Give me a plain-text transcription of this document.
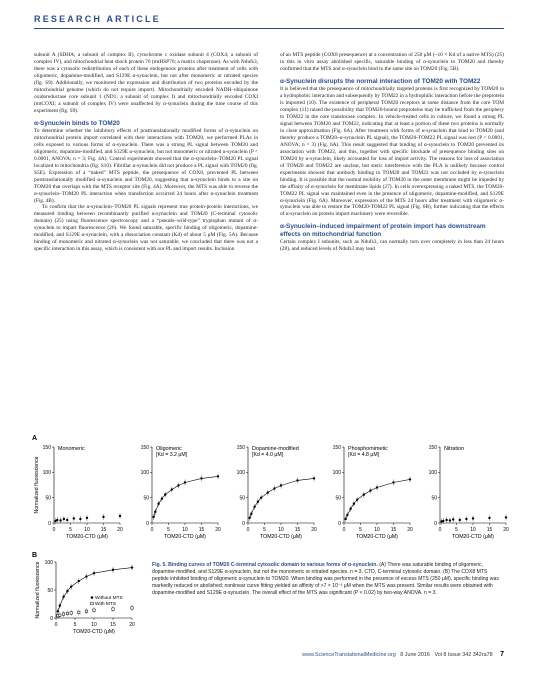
RESEARCH ARTICLE

subunit A (SDHA; a subunit of complex II), cytochrome c oxidase subunit 4 (COX4; a subunit of complex IV), and mitochondrial heat shock protein 70 (mtHSP70; a matrix chaperone). As with Ndufs3, there was a cytosolic redistribution of each of these endogenous proteins after treatment of cells with oligomeric, dopamine-modified, and S129E α-synuclein, but not after monomeric or nitrated species (fig. S9). Additionally, we monitored the expression and distribution of two proteins encoded by the mitochondrial genome (which do not require import). Mitochondrially encoded NADH–ubiquinone oxidoreductase core subunit 1 (ND1; a subunit of complex I) and mitochondrially encoded COXI (mtCOXI; a subunit of complex IV) were unaffected by α-synuclein during the time course of this experiment (fig. S9).

α-Synuclein binds to TOM20

To determine whether the inhibitory effects of posttranslationally modified forms of α-synuclein on mitochondrial protein import correlated with their interactions with TOM20, we performed PLAs in cells exposed to various forms of α-synuclein. There was a strong PL signal between TOM20 and oligomeric, dopamine-modified, and S129E α-synuclein, but not monomeric or nitrated α-synuclein (P < 0.0001, ANOVA; n = 3; Fig. 4A). Control experiments showed that the α-synuclein–TOM20 PL signal localized to mitochondria (fig. S10). Fibrillar α-synuclein did not produce a PL signal with TOM20 (fig. S5E). Expression of a “naked” MTS peptide, the presequence of COX8, prevented PL between posttranslationally modified α-synuclein and TOM20, suggesting that α-synuclein binds to a site on TOM20 that overlaps with the MTS receptor site (Fig. 4A). Moreover, the MTS was able to reverse the α-synuclein–TOM20 PL interaction when transfection occurred 24 hours after α-synuclein treatment (Fig. 4B).

To confirm that the α-synuclein–TOM20 PL signals represent true protein-protein interactions, we measured binding between recombinantly purified α-synuclein and TOM20 (C-terminal cytosolic domain) (25) using fluorescence spectroscopy and a “pseudo–wild-type” tryptophan mutant of α-synuclein to impart fluorescence (26). We found saturable, specific binding of oligomeric, dopamine-modified, and S129E α-synuclein, with a dissociation constant (Kd) of about 5 μM (Fig. 5A). Because binding of monomeric and nitrated α-synuclein was not saturable, we concluded that there was not a specific interaction in this assay, which is consistent with our PL and import results. Inclusion

of an MTS peptide (COX8 presequence) at a concentration of 250 μM (~10 × Kd of a native MTS) (25) in this in vitro assay abolished specific, saturable binding of α-synuclein to TOM20 and thereby confirmed that the MTS and α-synuclein bind to the same site on TOM20 (Fig. 5B).

α-Synuclein disrupts the normal interaction of TOM20 with TOM22

It is believed that the presequence of mitochondrially targeted proteins is first recognized by TOM20 in a hydrophobic interaction and subsequently by TOM22 in a hydrophilic interaction before the preprotein is imported (10). The existence of peripheral TOM20 receptors at some distance from the core TOM complex (11) raised the possibility that TOM20-bound preproteins may be trafficked from the periphery to TOM22 in the core translocase complex. In vehicle-treated cells in culture, we found a strong PL signal between TOM20 and TOM22, indicating that at least a portion of these two proteins is normally in close approximation (Fig. 6A). After treatment with forms of α-synuclein that bind to TOM20 (and thereby produce a TOM20–α-synuclein PL signal), the TOM20-TOM22 PL signal was lost (P < 0.0001, ANOVA; n = 3) (Fig. 6A). This result suggested that binding of α-synuclein to TOM20 prevented its association with TOM22, and this, together with specific blockade of presequence binding sites on TOM20 by α-synuclein, likely accounted for loss of import activity. The reasons for loss of association of TOM20 and TOM22 are unclear, but steric interference with the PLA is unlikely because control experiments showed that antibody binding to TOM20 and TOM22 was not occluded by α-synuclein binding. It is possible that the normal mobility of TOM20 in the outer membrane might be impeded by the affinity of α-synuclein for membrane lipids (27). In cells overexpressing a naked MTS, the TOM20-TOM22 PL signal was maintained even in the presence of oligomeric, dopamine-modified, and S129E α-synuclein (Fig. 6A). Moreover, expression of the MTS 24 hours after treatment with oligomeric α-synuclein was able to restore the TOM20-TOM22 PL signal (Fig. 6B), further indicating that the effects of α-synuclein on protein import machinery were reversible.

α-Synuclein–induced impairment of protein import has downstream effects on mitochondrial function

Certain complex I subunits, such as Ndufs3, can normally turn over completely in less than 24 hours (28), and reduced levels of Ndufs3 may lead

A
Normalized fluorescence
0	5 10 15 20
0
50
100
150
TOM20-CTD (μM)
Monomeric
0	5 10 15 20
0
50
100
150
TOM20-CTD (μM)
Oligomeric
[Kd = 3.2 μM]
0	5 10 15 20
0
50
100
150
TOM20-CTD (μM)
Dopamine-modified
[Kd = 4.0 μM]
0	5 10 15 20
0
50
100
150
TOM20-CTD (μM)
Phosphomimetic
[Kd = 4.8 μM]
0	5 10 15 20
0
50
100
150
TOM20-CTD (μM)
Nitration
B
0	5	10	15	20
0
50
100
TOM20-CTD (μM)
Normalized fluorescence	Without MTS
With MTS
Fig. 5. Binding curves of TOM20 C-terminal cytosolic domain to various forms of α-synuclein. (A) There was saturable binding of oligomeric, dopamine-modified, and S129E α-synuclein, but not the monomeric or nitrated species. n = 3. CTD, C-terminal cytosolic domain. (B) The COX8 MTS peptide inhibited binding of oligomeric α-synuclein to TOM20. When binding was performed in the presence of excess MTS (250 μM), specific binding was markedly reduced or abolished; nonlinear curve fitting yielded an affinity of >7 × 10⁻³ μM when the MTS was present. Similar results were obtained with dopamine-modified and S129E α-synuclein. The overall effect of the MTS was significant (P < 0.02) by two-way ANOVA. n = 3.
www.ScienceTranslationalMedicine.org 8 June 2016 Vol 8 Issue 342 342ra78 7
